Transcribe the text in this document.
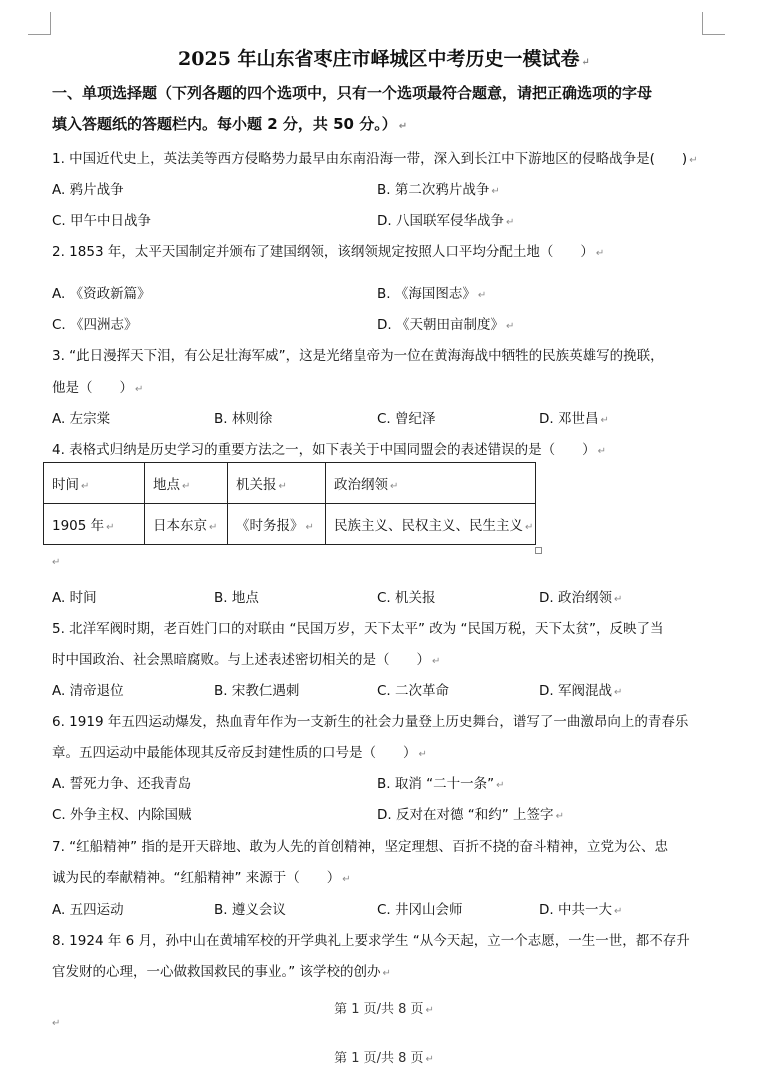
2025 年山东省枣庄市峄城区中考历史一模试卷 ↵
一、单项选择题（下列各题的四个选项中，只有一个选项最符合题意，请把正确选项的字母
填入答题纸的答题栏内。每小题 2 分，共 50 分。） ↵
1. 中国近代史上，英法美等西方侵略势力最早由东南沿海一带，深入到长江中下游地区的侵略战争是(　　) ↵
A. 鸦片战争	B. 第二次鸦片战争 ↵
C. 甲午中日战争	D. 八国联军侵华战争 ↵
2. 1853 年，太平天国制定并颁布了建国纲领，该纲领规定按照人口平均分配土地（　　） ↵
A. 《资政新篇》	B. 《海国图志》 ↵
C. 《四洲志》	D. 《天朝田亩制度》 ↵
3. “此日漫挥天下泪，有公足壮海军威”，这是光绪皇帝为一位在黄海海战中牺牲的民族英雄写的挽联，
他是（　　） ↵
A. 左宗棠	B. 林则徐	C. 曾纪泽	D. 邓世昌 ↵
4. 表格式归纳是历史学习的重要方法之一，如下表关于中国同盟会的表述错误的是（　　） ↵
时间 ↵	地点 ↵	机关报 ↵	政治纲领 ↵
1905 年 ↵	日本东京 ↵	《时务报》 ↵	民族主义、民权主义、民生主义 ↵
↵
A. 时间	B. 地点	C. 机关报	D. 政治纲领 ↵
5. 北洋军阀时期，老百姓门口的对联由 “民国万岁，天下太平” 改为 “民国万税，天下太贫”，反映了当
时中国政治、社会黑暗腐败。与上述表述密切相关的是（　　） ↵
A. 清帝退位	B. 宋教仁遇刺	C. 二次革命	D. 军阀混战 ↵
6. 1919 年五四运动爆发，热血青年作为一支新生的社会力量登上历史舞台，谱写了一曲激昂向上的青春乐
章。五四运动中最能体现其反帝反封建性质的口号是（　　） ↵
A. 誓死力争、还我青岛	B. 取消 “二十一条” ↵
C. 外争主权、内除国贼	D. 反对在对德 “和约” 上签字 ↵
7. “红船精神” 指的是开天辟地、敢为人先的首创精神，坚定理想、百折不挠的奋斗精神，立党为公、忠
诚为民的奉献精神。“红船精神” 来源于（　　） ↵
A. 五四运动	B. 遵义会议	C. 井冈山会师	D. 中共一大 ↵
8. 1924 年 6 月，孙中山在黄埔军校的开学典礼上要求学生 “从今天起，立一个志愿，一生一世，都不存升
官发财的心理，一心做救国救民的事业。” 该学校的创办 ↵
第 1 页/共 8 页 ↵
↵
第 1 页/共 8 页 ↵
